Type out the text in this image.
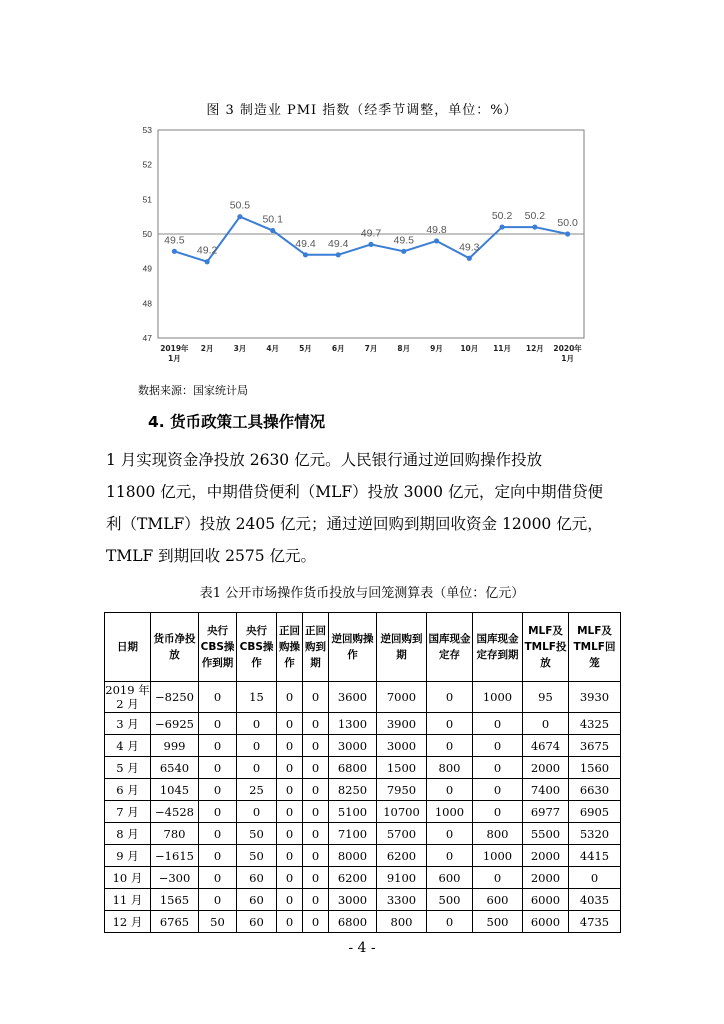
图 3 制造业 PMI 指数（经季节调整，单位：%）
53
52
51
50
49
48
47
2019年 1月
2月	3月	4月	5月	6月	7月	8月	9月 10月 11月 12月 2020年 1月
49.5
49.2
50.5
50.1
49.4 49.4
49.7
49.5
49.8
49.3
50.2 50.2
50.0
数据来源：国家统计局
4. 货币政策工具操作情况

1 月实现资金净投放 2630 亿元。人民银行通过逆回购操作投放

11800 亿元，中期借贷便利（MLF）投放 3000 亿元，定向中期借贷便

利（TMLF）投放 2405 亿元；通过逆回购到期回收资金 12000 亿元，

TMLF 到期回收 2575 亿元。

表1 公开市场操作货币投放与回笼测算表（单位：亿元）
日期	货币净投放	央行CBS操作到期	央行CBS操作	正回购操作	正回购到期	逆回购操作	逆回购到期	国库现金定存	国库现金定存到期	MLF及TMLF投放	MLF及TMLF回笼
2019 年 2 月	−8250	0	15	0	0	3600	7000	0	1000	95	3930
3 月	−6925	0	0	0	0	1300	3900	0	0	0	4325
4 月	999	0	0	0	0	3000	3000	0	0	4674	3675
5 月	6540	0	0	0	0	6800	1500	800	0	2000	1560
6 月	1045	0	25	0	0	8250	7950	0	0	7400	6630
7 月	−4528	0	0	0	0	5100	10700	1000	0	6977	6905
8 月	780	0	50	0	0	7100	5700	0	800	5500	5320
9 月	−1615	0	50	0	0	8000	6200	0	1000	2000	4415
10 月	−300	0	60	0	0	6200	9100	600	0	2000	0
11 月	1565	0	60	0	0	3000	3300	500	600	6000	4035
12 月	6765	50	60	0	0	6800	800	0	500	6000	4735
- 4 -
